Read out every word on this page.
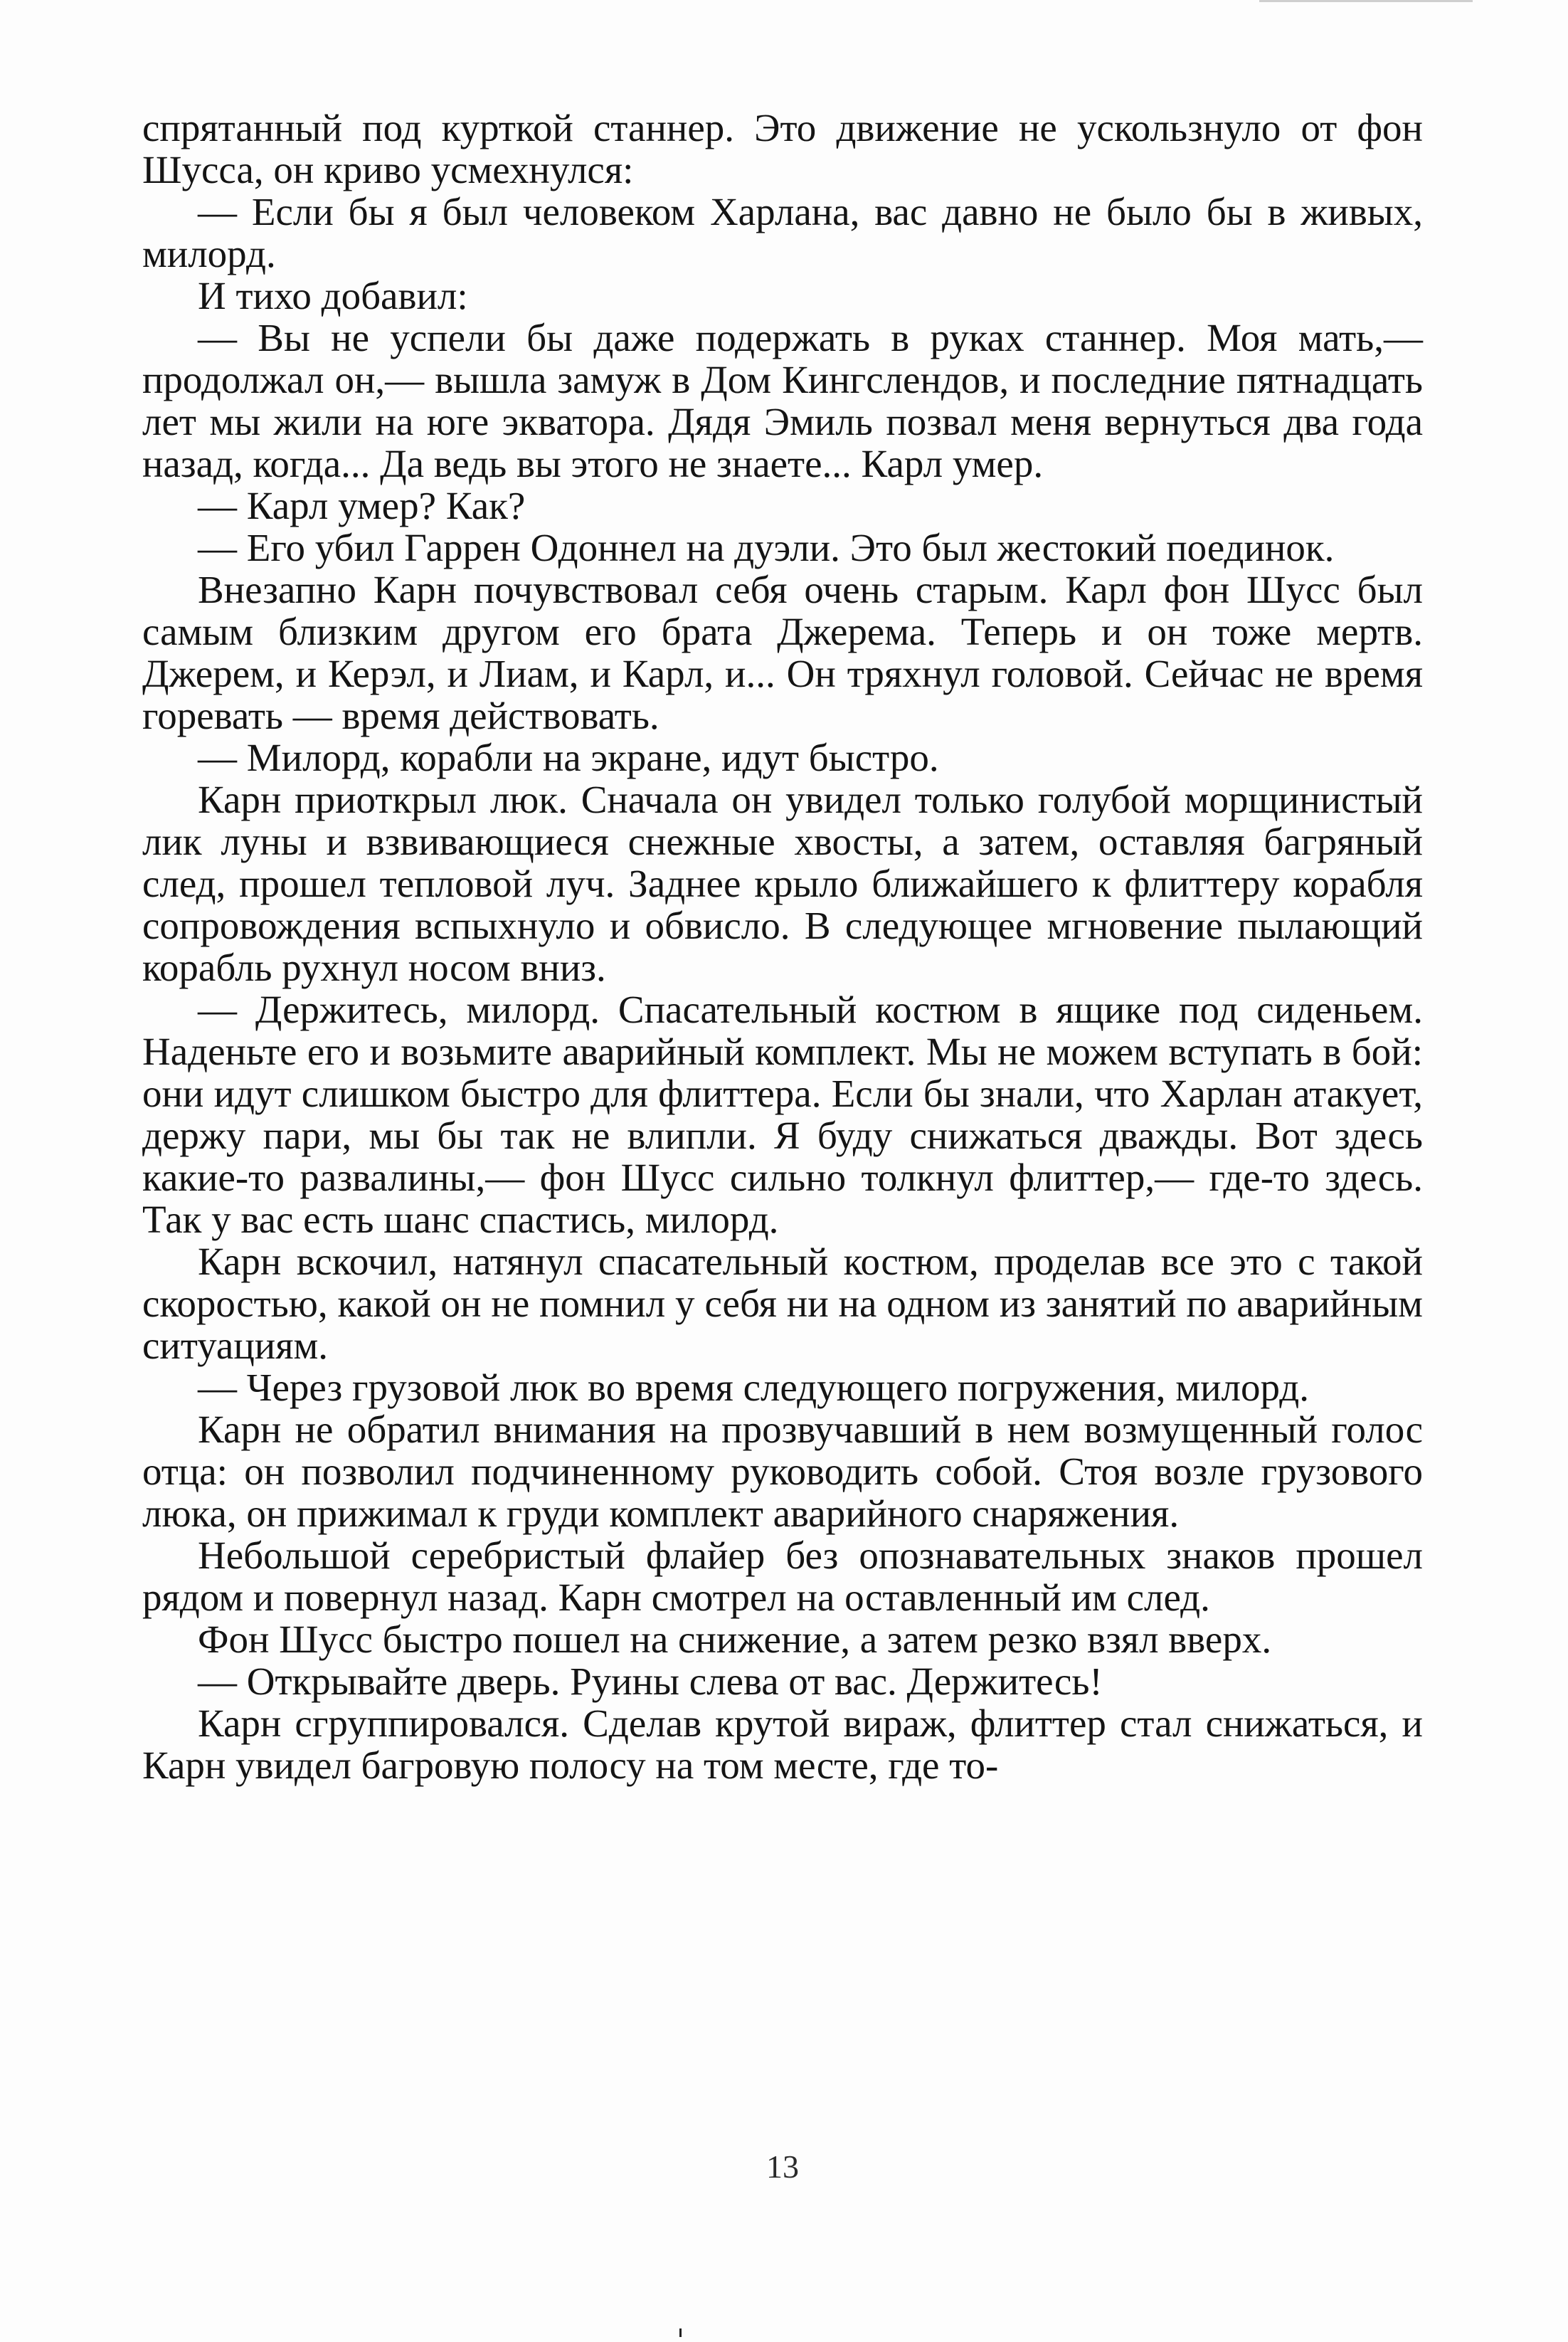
спрятанный под курткой станнер. Это движение не ускользнуло от фон Шусса, он криво усмехнулся:

— Если бы я был человеком Харлана, вас давно не было бы в живых, милорд.

И тихо добавил:

— Вы не успели бы даже подержать в руках станнер. Моя мать,— продолжал он,— вышла замуж в Дом Кингслендов, и последние пятнадцать лет мы жили на юге экватора. Дядя Эмиль позвал меня вернуться два года назад, когда... Да ведь вы этого не знаете... Карл умер.

— Карл умер? Как?

— Его убил Гаррен Одоннел на дуэли. Это был жестокий поединок.

Внезапно Карн почувствовал себя очень старым. Карл фон Шусс был самым близким другом его брата Джерема. Теперь и он тоже мертв. Джерем, и Керэл, и Лиам, и Карл, и... Он тряхнул головой. Сейчас не время горевать — время действовать.

— Милорд, корабли на экране, идут быстро.

Карн приоткрыл люк. Сначала он увидел только голубой морщинистый лик луны и взвивающиеся снежные хвосты, а затем, оставляя багряный след, прошел тепловой луч. Заднее крыло ближайшего к флиттеру корабля сопровождения вспыхнуло и обвисло. В следующее мгновение пылающий корабль рухнул носом вниз.

— Держитесь, милорд. Спасательный костюм в ящике под сиденьем. Наденьте его и возьмите аварийный комплект. Мы не можем вступать в бой: они идут слишком быстро для флиттера. Если бы знали, что Харлан атакует, держу пари, мы бы так не влипли. Я буду снижаться дважды. Вот здесь какие-то развалины,— фон Шусс сильно толкнул флиттер,— где-то здесь. Так у вас есть шанс спастись, милорд.

Карн вскочил, натянул спасательный костюм, проделав все это с такой скоростью, какой он не помнил у себя ни на одном из занятий по аварийным ситуациям.

— Через грузовой люк во время следующего погружения, милорд.

Карн не обратил внимания на прозвучавший в нем возмущенный голос отца: он позволил подчиненному руководить собой. Стоя возле грузового люка, он прижимал к груди комплект аварийного снаряжения.

Небольшой серебристый флайер без опознавательных знаков прошел рядом и повернул назад. Карн смотрел на оставленный им след.

Фон Шусс быстро пошел на снижение, а затем резко взял вверх.

— Открывайте дверь. Руины слева от вас. Держитесь!

Карн сгруппировался. Сделав крутой вираж, флиттер стал снижаться, и Карн увидел багровую полосу на том месте, где то-

13
